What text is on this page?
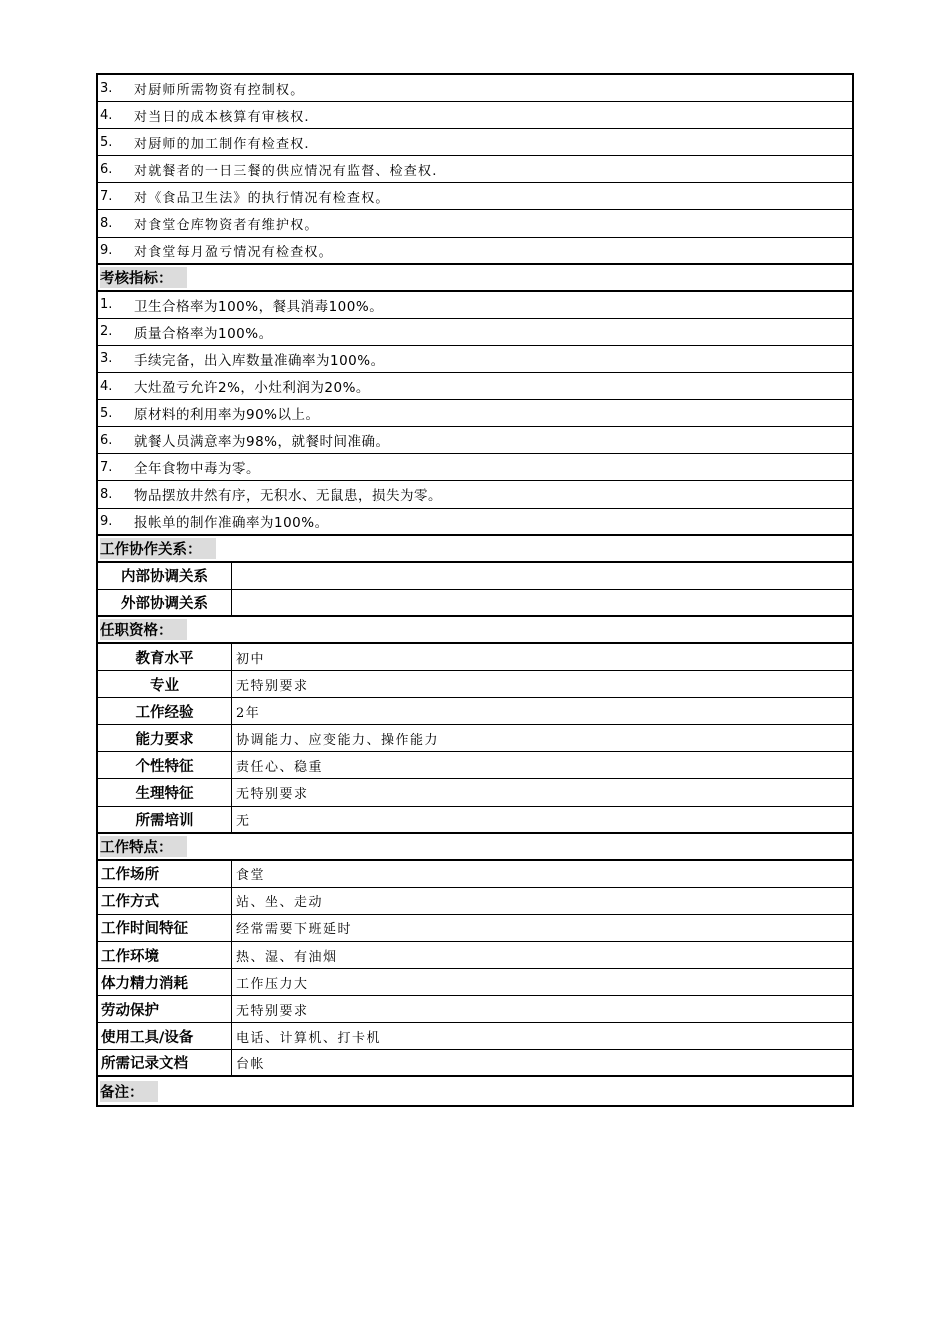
3.	对厨师所需物资有控制权。
4.	对当日的成本核算有审核权.
5.	对厨师的加工制作有检查权.
6.	对就餐者的一日三餐的供应情况有监督、检查权.
7.	对《食品卫生法》的执行情况有检查权。
8.	对食堂仓库物资者有维护权。
9.	对食堂每月盈亏情况有检查权。
考核指标：
1.	卫生合格率为100%，餐具消毒100%。
2.	质量合格率为100%。
3.	手续完备，出入库数量准确率为100%。
4.	大灶盈亏允许2%，小灶利润为20%。
5.	原材料的利用率为90%以上。
6.	就餐人员满意率为98%，就餐时间准确。
7.	全年食物中毒为零。
8.	物品摆放井然有序，无积水、无鼠患，损失为零。
9.	报帐单的制作准确率为100%。
工作协作关系：
内部协调关系
外部协调关系
任职资格：
教育水平	初中
专业	无特别要求
工作经验	2年
能力要求	协调能力、应变能力、操作能力
个性特征	责任心、稳重
生理特征	无特别要求
所需培训	无
工作特点：
工作场所	食堂
工作方式	站、坐、走动
工作时间特征	经常需要下班延时
工作环境	热、湿、有油烟
体力精力消耗	工作压力大
劳动保护	无特别要求
使用工具/设备	电话、计算机、打卡机
所需记录文档	台帐
备注：
